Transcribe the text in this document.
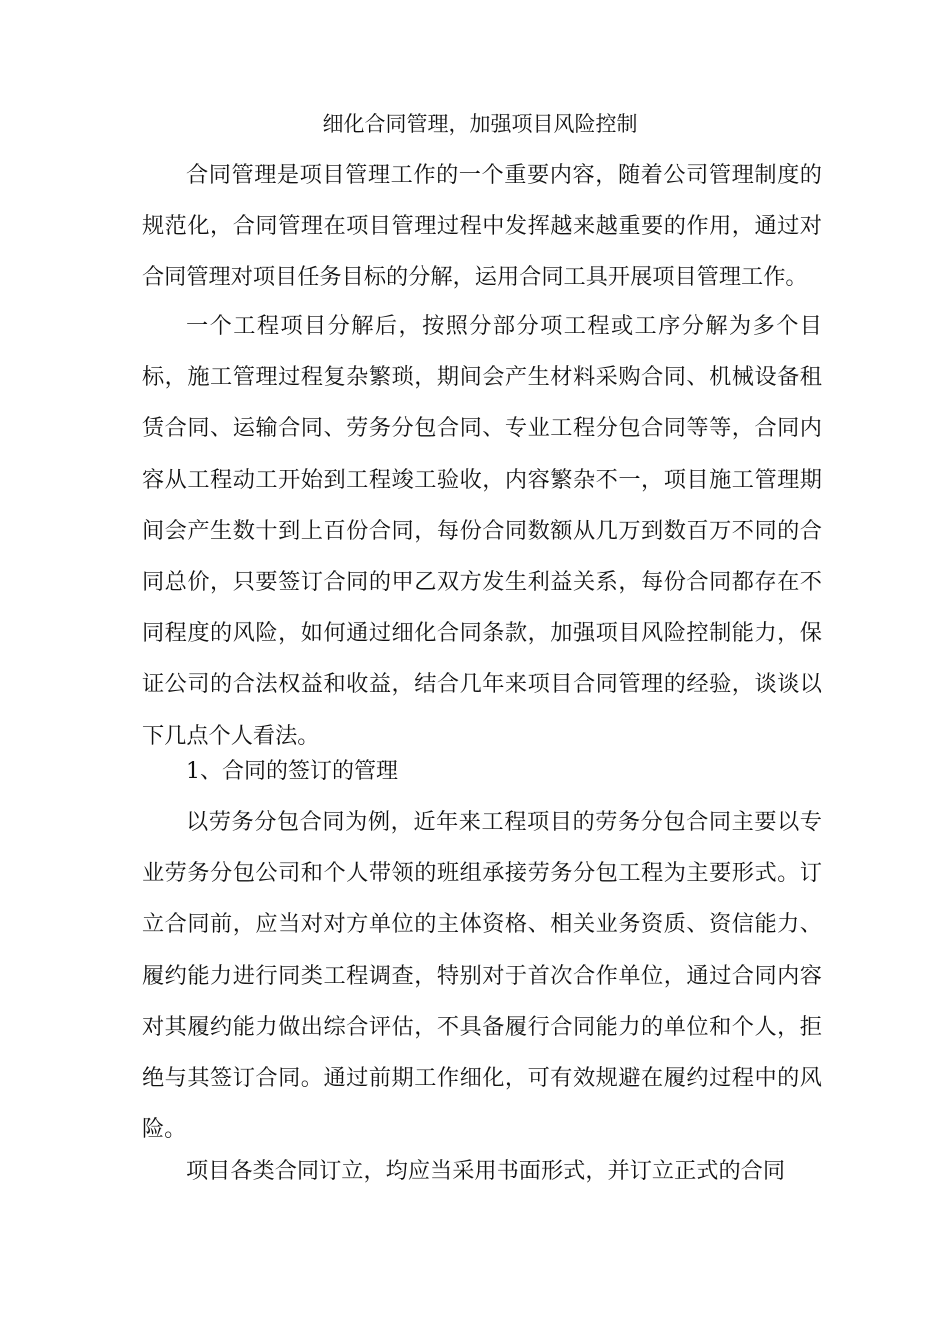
细化合同管理，加强项目风险控制

合同管理是项目管理工作的一个重要内容，随着公司管理制度的规范化，合同管理在项目管理过程中发挥越来越重要的作用，通过对合同管理对项目任务目标的分解，运用合同工具开展项目管理工作。

一个工程项目分解后，按照分部分项工程或工序分解为多个目标，施工管理过程复杂繁琐，期间会产生材料采购合同、机械设备租赁合同、运输合同、劳务分包合同、专业工程分包合同等等，合同内容从工程动工开始到工程竣工验收，内容繁杂不一，项目施工管理期间会产生数十到上百份合同，每份合同数额从几万到数百万不同的合同总价，只要签订合同的甲乙双方发生利益关系，每份合同都存在不同程度的风险，如何通过细化合同条款，加强项目风险控制能力，保证公司的合法权益和收益，结合几年来项目合同管理的经验，谈谈以下几点个人看法。

1、合同的签订的管理

以劳务分包合同为例，近年来工程项目的劳务分包合同主要以专业劳务分包公司和个人带领的班组承接劳务分包工程为主要形式。订立合同前，应当对对方单位的主体资格、相关业务资质、资信能力、履约能力进行同类工程调查，特别对于首次合作单位，通过合同内容对其履约能力做出综合评估，不具备履行合同能力的单位和个人，拒绝与其签订合同。通过前期工作细化，可有效规避在履约过程中的风险。

项目各类合同订立，均应当采用书面形式，并订立正式的合同
